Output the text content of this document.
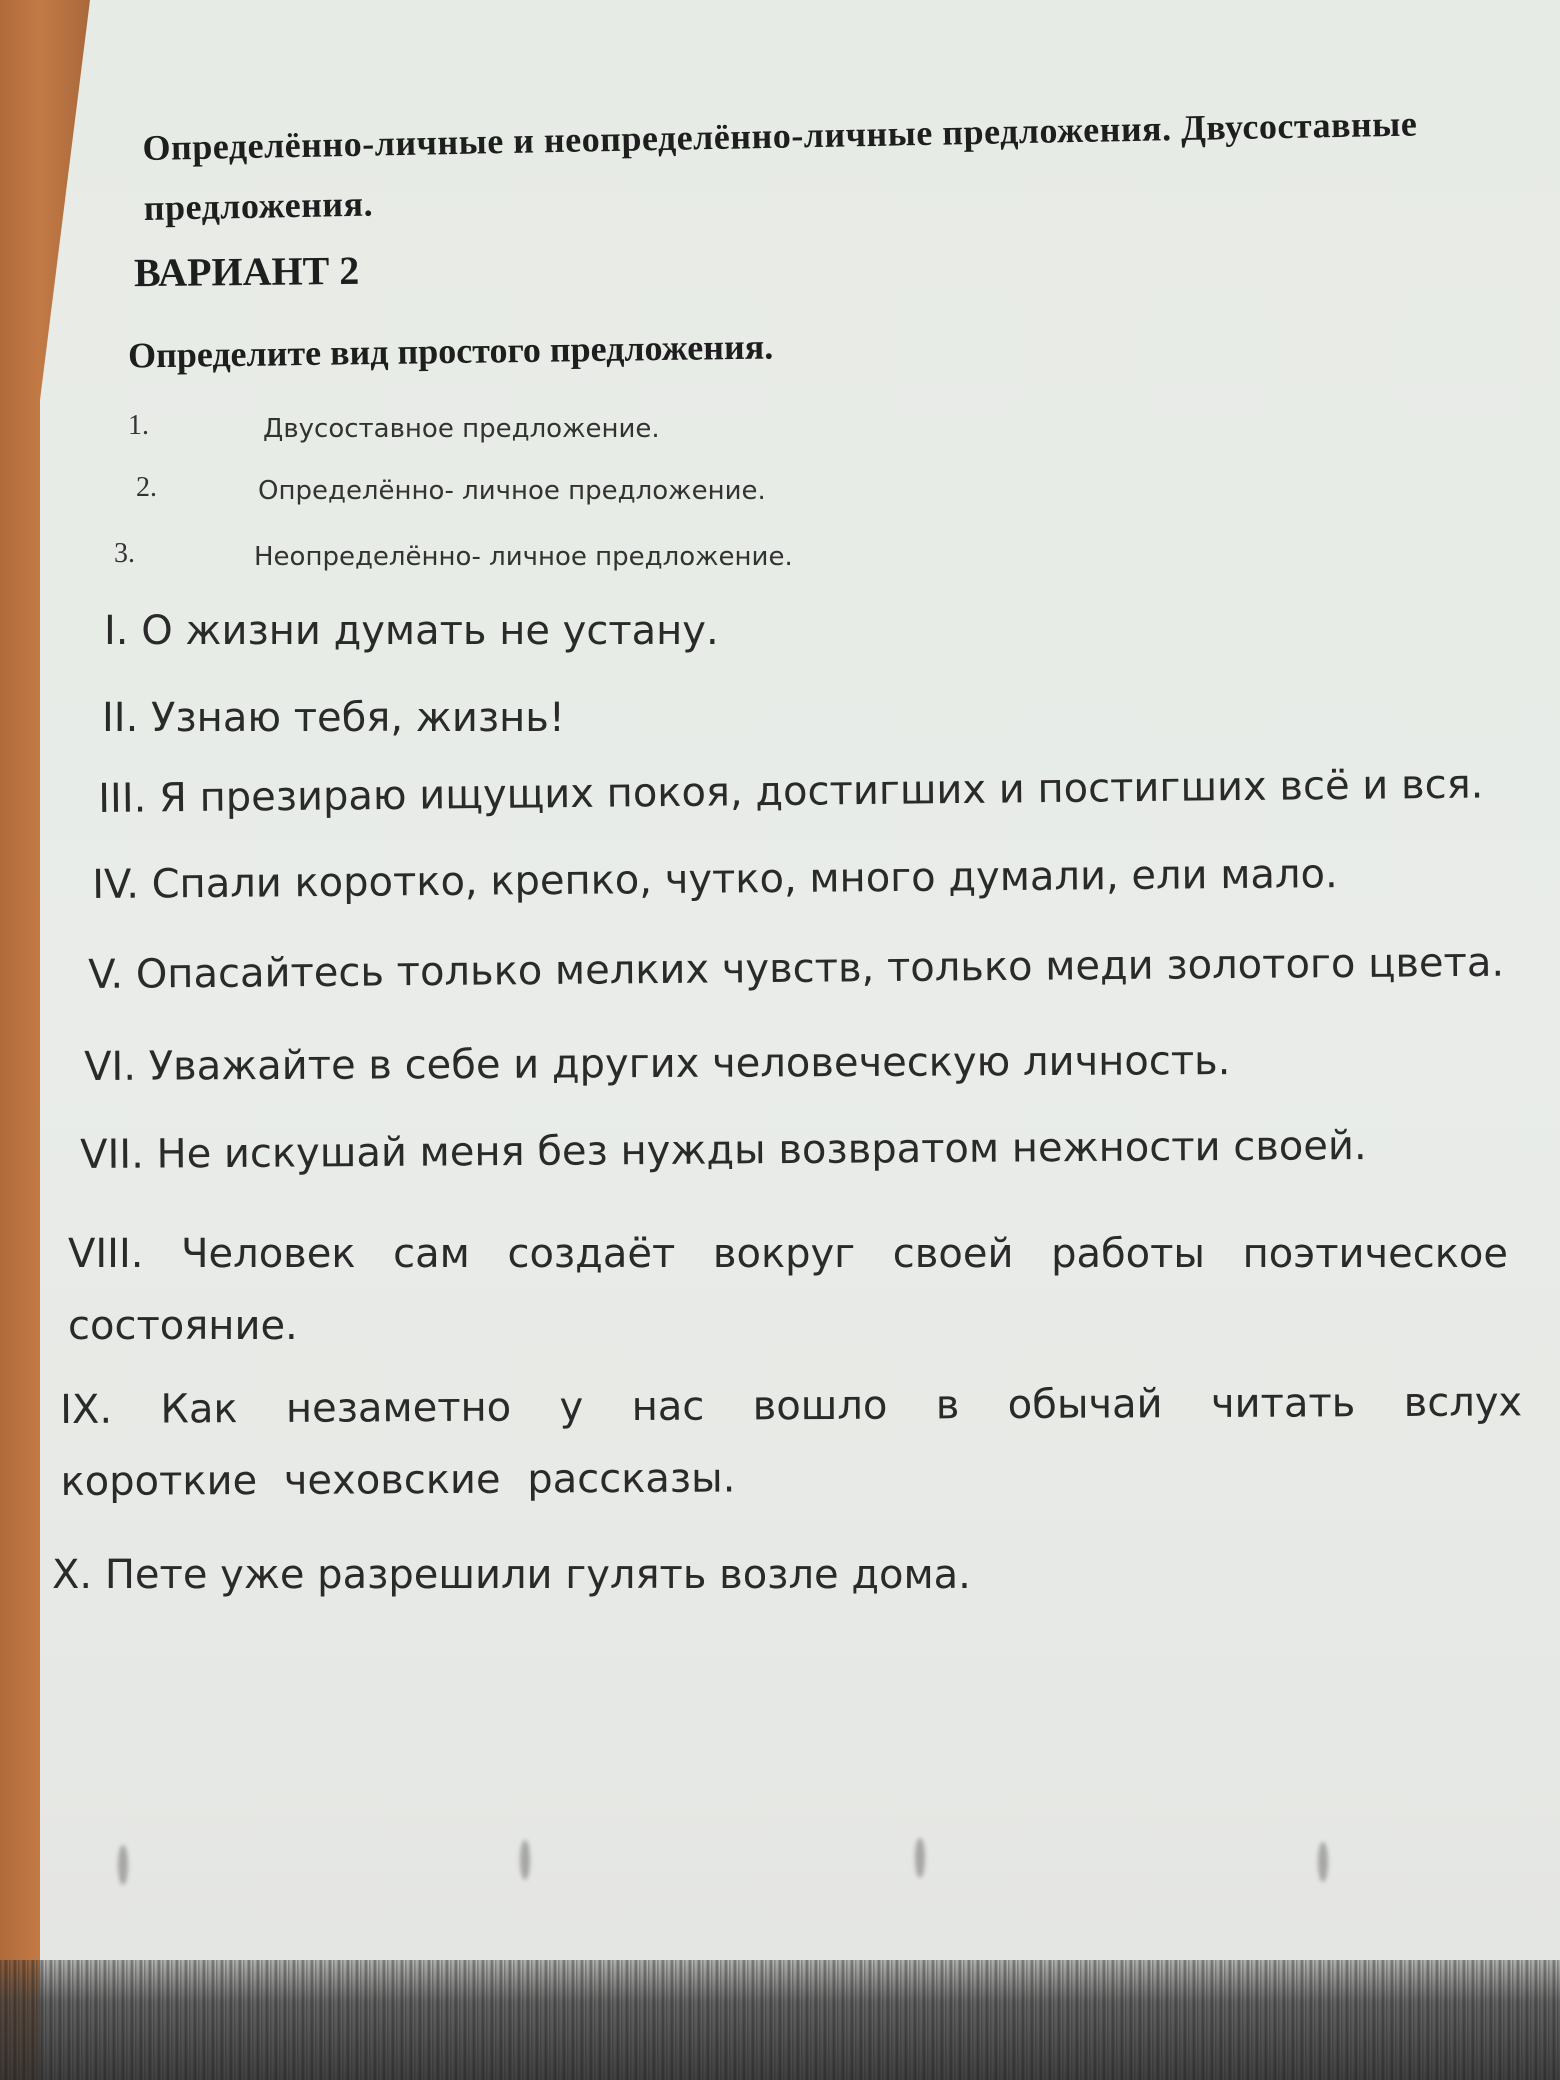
Определённо-личные и неопределённо-личные предложения. Двусоставные предложения.
ВАРИАНТ 2
Определите вид простого предложения.
1.	Двусоставное предложение.
2.	Определённо- личное предложение.
3.	Неопределённо- личное предложение.
I. О жизни думать не устану.
II. Узнаю тебя, жизнь!
III. Я презираю ищущих покоя, достигших и постигших всё и вся.
IV. Спали коротко, крепко, чутко, много думали, ели мало.
V. Опасайтесь только мелких чувств, только меди золотого цвета.
VI. Уважайте в себе и других человеческую личность.
VII. Не искушай меня без нужды возвратом нежности своей.
VIII. Человек сам создаёт вокруг своей работы поэтическое состояние.
IX. Как незаметно у нас вошло в обычай читать вслух короткие чеховские рассказы.
X. Пете уже разрешили гулять возле дома.
